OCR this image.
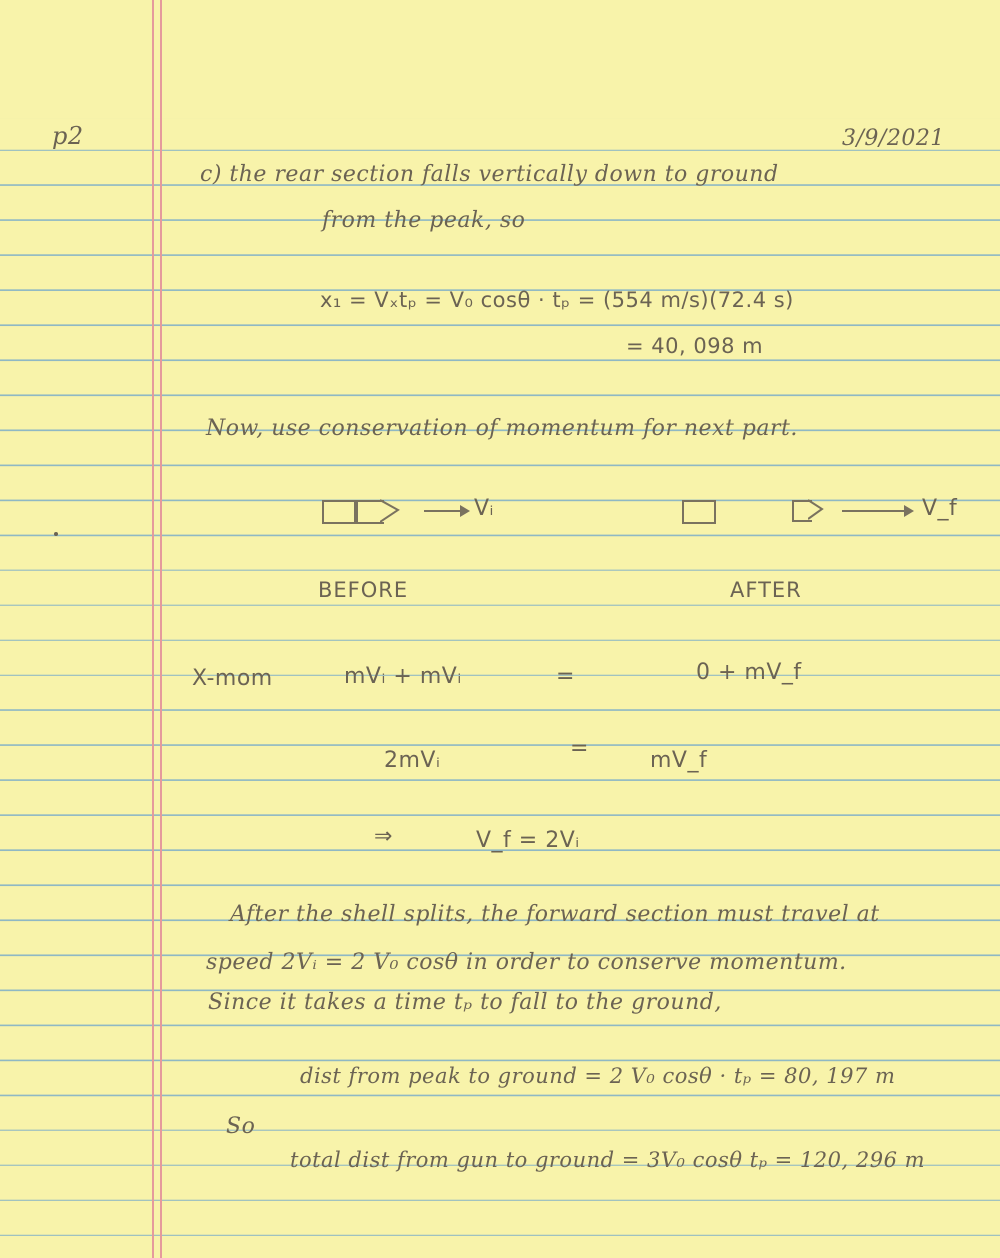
p2	3/9/2021
c) the rear section falls vertically down to ground
from the peak, so
x₁ = Vₓtₚ = V₀ cosθ · tₚ = (554 m/s)(72.4 s)
= 40, 098 m
Now, use conservation of momentum for next part.
Vᵢ	V_f
BEFORE	AFTER
X-mom	mVᵢ + mVᵢ	=	0 + mV_f
2mVᵢ	=	mV_f
⇒	V_f = 2Vᵢ
After the shell splits, the forward section must travel at
speed 2Vᵢ = 2 V₀ cosθ in order to conserve momentum.
Since it takes a time tₚ to fall to the ground,
dist from peak to ground = 2 V₀ cosθ · tₚ = 80, 197 m
So
total dist from gun to ground = 3V₀ cosθ tₚ = 120, 296 m
